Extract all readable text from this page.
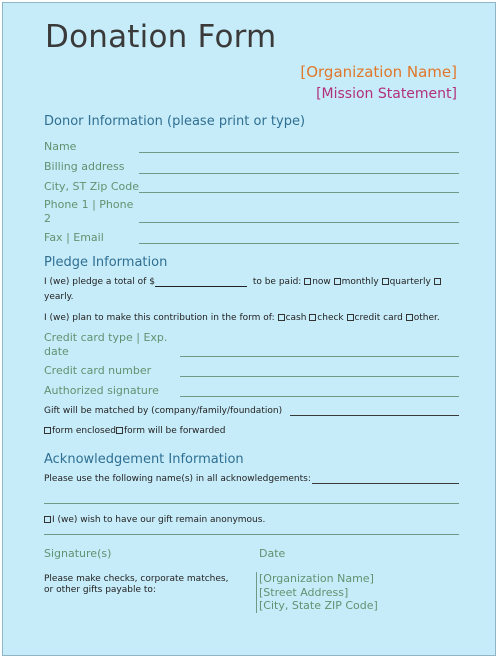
Donation Form
[Organization Name]
[Mission Statement]
Donor Information (please print or type)
Name
Billing address
City, ST Zip Code
Phone 1 | Phone 2
Fax | Email
Pledge Information
I (we) pledge a total of $	to be paid: now monthly quarterly
yearly.
I (we) plan to make this contribution in the form of: cash check credit card other.
Credit card type | Exp. date
Credit card number
Authorized signature
Gift will be matched by (company/family/foundation)
form enclosed form will be forwarded
Acknowledgement Information
Please use the following name(s) in all acknowledgements:
I (we) wish to have our gift remain anonymous.
Signature(s)	Date
Please make checks, corporate matches,
or other gifts payable to:
[Organization Name]
[Street Address]
[City, State ZIP Code]
